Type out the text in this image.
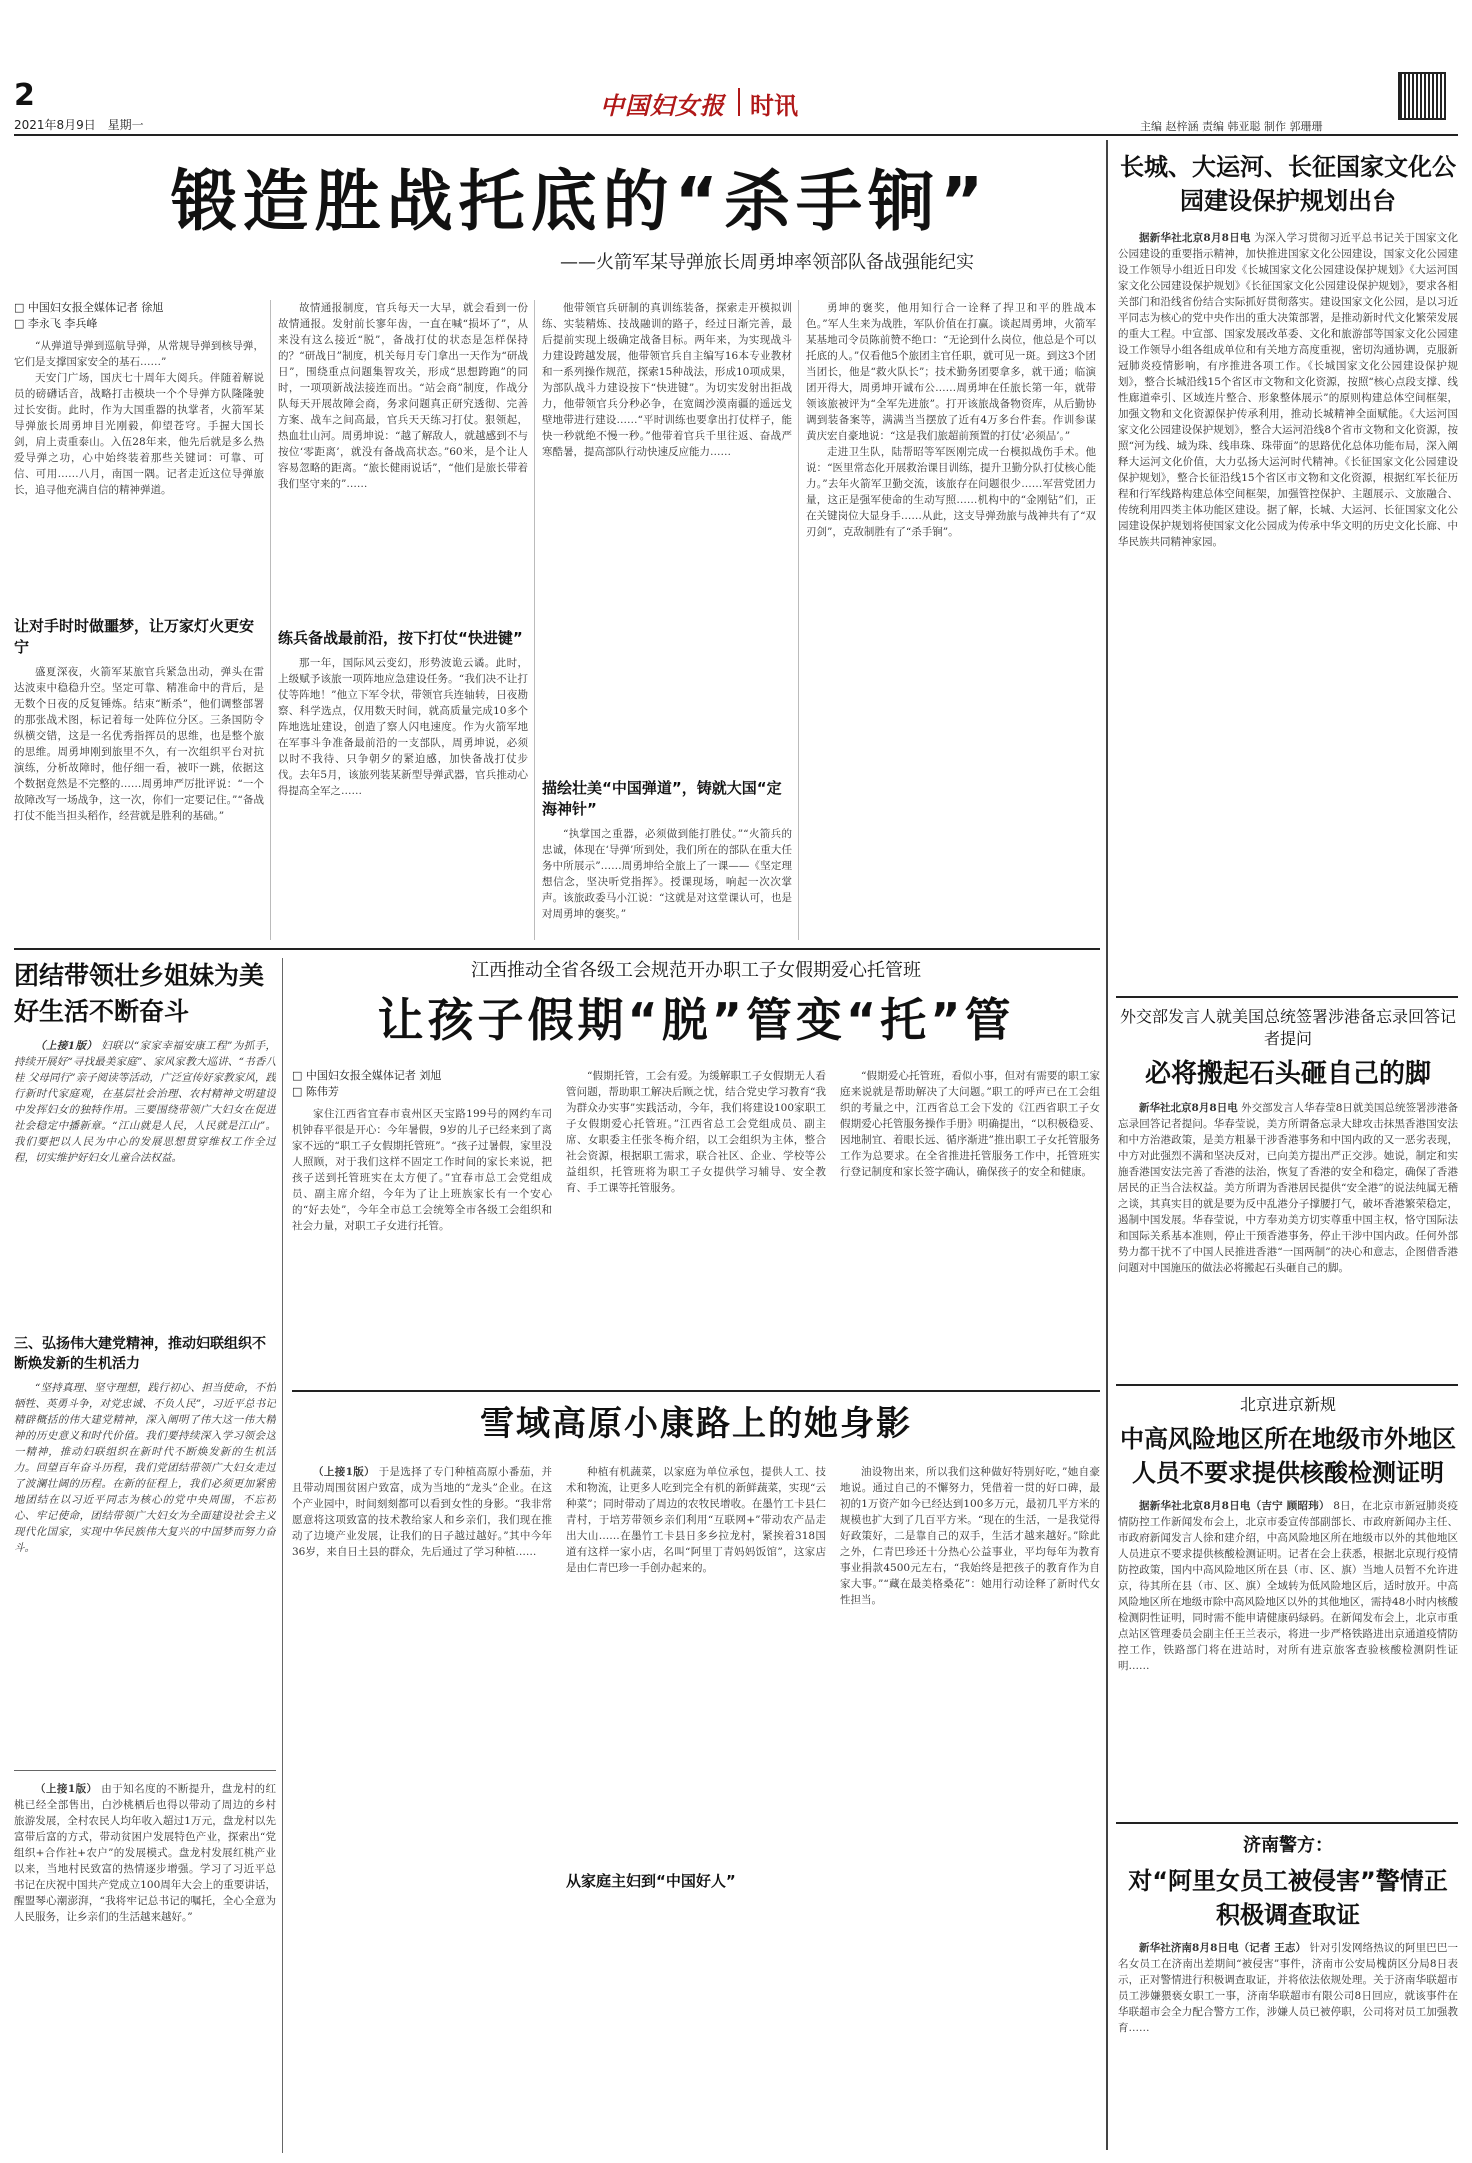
2
2021年8月9日 星期一
中国妇女报 时讯
主编 赵梓涵 责编 韩亚聪 制作 郭珊珊
锻造胜战托底的“杀手锏”
——火箭军某导弹旅长周勇坤率领部队备战强能纪实
□ 中国妇女报全媒体记者 徐旭
□ 李永飞 李兵峰

“从弹道导弹到巡航导弹，从常规导弹到核导弹，它们是支撑国家安全的基石……”

天安门广场，国庆七十周年大阅兵。伴随着解说员的磅礴话音，战略打击模块一个个导弹方队隆隆驶过长安街。此时，作为大国重器的执掌者，火箭军某导弹旅长周勇坤目光刚毅，仰望苍穹。手握大国长剑，肩上责重泰山。入伍28年来，他先后就是多么热爱导弹之功，心中始终装着那些关键词：可靠、可信、可用……八月，南国一隅。记者走近这位导弹旅长，追寻他充满自信的精神弹道。

让对手时时做噩梦，让万家灯火更安宁

盛夏深夜，火箭军某旅官兵紧急出动，弹头在雷达波束中稳稳升空。坚定可靠、精准命中的背后，是无数个日夜的反复锤炼。结束“断杀”，他们调整部署的那张战术图，标记着每一处阵位分区。三条国防令纵横交错，这是一名优秀指挥员的思维，也是整个旅的思维。周勇坤刚到旅里不久，有一次组织平台对抗演练，分析故障时，他仔细一看，被吓一跳，依据这个数据竟然是不完整的……周勇坤严厉批评说：“一个故障改写一场战争，这一次，你们一定要记住。”“备战打仗不能当担头稻作，经营就是胜利的基础。”

故情通报制度，官兵每天一大早，就会看到一份故情通报。发射前长寥年齿，一直在喊“损坏了”，从来没有这么接近“脱”，备战打仗的状态是怎样保持的？“研战日”制度，机关每月专门拿出一天作为“研战日”，围绕重点问题集智攻关，形成“思想跨跑”的同时，一项项新战法接连而出。“站会商”制度，作战分队每天开展故障会商，务求问题真正研究透彻、完善方案、战车之间高最，官兵天天练习打仗。狠领起，热血壮山河。周勇坤说：“越了解敌人，就越感到不与按位‘零距离’，就没有备战高状态。”60米，是个让人容易忽略的距离。“旅长健雨说话”，“他们是旅长带着我们坚守来的”……

练兵备战最前沿，按下打仗“快进键”

那一年，国际风云变幻，形势波诡云谲。此时，上级赋予该旅一项阵地应急建设任务。“我们决不让打仗等阵地！”他立下军令状，带领官兵连轴转，日夜勘察、科学选点，仅用数天时间，就高质量完成10多个阵地选址建设，创造了察人闪电速度。作为火箭军地在军事斗争准备最前沿的一支部队，周勇坤说，必须以时不我待、只争朝夕的紧迫感，加快备战打仗步伐。去年5月，该旅列装某新型导弹武器，官兵推动心得提高全军之……

他带领官兵研制的真训练装备，探索走开模拟训练、实装精炼、技战融训的路子，经过日渐完善，最后提前实现上级确定战备目标。两年来，为实现战斗力建设跨越发展，他带领官兵自主编写16本专业教材和一系列操作规范，探索15种战法，形成10项成果，为部队战斗力建设按下“快进键”。为切实发射出拒战力，他带领官兵分秒必争，在宽阔沙漠南疆的遥远戈壁地带进行建设……“平时训练也要拿出打仗样子，能快一秒就绝不慢一秒。”他带着官兵千里往返、奋战严寒酷暑，提高部队行动快速反应能力……

描绘壮美“中国弹道”，铸就大国“定海神针”

“执掌国之重器，必须做到能打胜仗。”“火箭兵的忠诚，体现在‘导弹’所到处，我们所在的部队在重大任务中所展示”……周勇坤给全旅上了一课——《坚定理想信念，坚决听党指挥》。授课现场，响起一次次掌声。该旅政委马小江说：“这就是对这堂课认可，也是对周勇坤的褒奖。”

勇坤的褒奖，他用知行合一诠释了捍卫和平的胜战本色。”军人生来为战胜，军队价值在打赢。谈起周勇坤，火箭军某基地司令员陈前赞不绝口：“无论到什么岗位，他总是个可以托底的人。”仅看他5个旅团主官任职，就可见一斑。到这3个团当团长，他是“救火队长”；技术勤务团要拿多，就干通；临演团开得大，周勇坤开诚布公……周勇坤在任旅长第一年，就带领该旅被评为“全军先进旅”。打开该旅战备物资库，从后勤协调到装备案等，满满当当摆放了近有4万多台件套。作训参谋黄庆宏自豪地说：“这是我们旅超前预置的打仗‘必须品’。”

走进卫生队，陆帮昭等军医刚完成一台模拟战伤手术。他说：“医里常态化开展救治课目训练，提升卫勤分队打仗核心能力。”去年火箭军卫勤交流，该旅存在问题很少……军营党团力量，这正是强军使命的生动写照……机构中的“金刚钻”们，正在关键岗位大显身手……从此，这支导弹劲旅与战神共有了“双刃剑”，克敌制胜有了“杀手锏”。

长城、大运河、长征国家文化公园建设保护规划出台

据新华社北京8月8日电 为深入学习贯彻习近平总书记关于国家文化公园建设的重要指示精神，加快推进国家文化公园建设，国家文化公园建设工作领导小组近日印发《长城国家文化公园建设保护规划》《大运河国家文化公园建设保护规划》《长征国家文化公园建设保护规划》，要求各相关部门和沿线省份结合实际抓好贯彻落实。建设国家文化公园，是以习近平同志为核心的党中央作出的重大决策部署，是推动新时代文化繁荣发展的重大工程。中宣部、国家发展改革委、文化和旅游部等国家文化公园建设工作领导小组各组成单位和有关地方高度重视，密切沟通协调，克服新冠肺炎疫情影响，有序推进各项工作。《长城国家文化公园建设保护规划》，整合长城沿线15个省区市文物和文化资源，按照“核心点段支撑、线性廊道牵引、区域连片整合、形象整体展示”的原则构建总体空间框架，加强文物和文化资源保护传承利用，推动长城精神全面赋能。《大运河国家文化公园建设保护规划》，整合大运河沿线8个省市文物和文化资源，按照“河为线、城为珠、线串珠、珠带面”的思路优化总体功能布局，深入阐释大运河文化价值，大力弘扬大运河时代精神。《长征国家文化公园建设保护规划》，整合长征沿线15个省区市文物和文化资源，根据红军长征历程和行军线路构建总体空间框架，加强管控保护、主题展示、文旅融合、传统利用四类主体功能区建设。据了解，长城、大运河、长征国家文化公园建设保护规划将使国家文化公园成为传承中华文明的历史文化长廊、中华民族共同精神家园。

外交部发言人就美国总统签署涉港备忘录回答记者提问
必将搬起石头砸自己的脚

新华社北京8月8日电 外交部发言人华春莹8日就美国总统签署涉港备忘录回答记者提问。华春莹说，美方所谓备忘录大肆攻击抹黑香港国安法和中方治港政策，是美方粗暴干涉香港事务和中国内政的又一恶劣表现，中方对此强烈不满和坚决反对，已向美方提出严正交涉。她说，制定和实施香港国安法完善了香港的法治，恢复了香港的安全和稳定，确保了香港居民的正当合法权益。美方所谓为香港居民提供“安全港”的说法纯属无稽之谈，其真实目的就是要为反中乱港分子撑腰打气，破坏香港繁荣稳定，遏制中国发展。华春莹说，中方奉劝美方切实尊重中国主权，恪守国际法和国际关系基本准则，停止干预香港事务，停止干涉中国内政。任何外部势力都干扰不了中国人民推进香港“一国两制”的决心和意志，企图借香港问题对中国施压的做法必将搬起石头砸自己的脚。

北京进京新规
中高风险地区所在地级市外地区人员不要求提供核酸检测证明

据新华社北京8月8日电（吉宁 顾昭玮） 8日，在北京市新冠肺炎疫情防控工作新闻发布会上，北京市委宣传部副部长、市政府新闻办主任、市政府新闻发言人徐和建介绍，中高风险地区所在地级市以外的其他地区人员进京不要求提供核酸检测证明。记者在会上获悉，根据北京现行疫情防控政策，国内中高风险地区所在县（市、区、旗）当地人员暂不允许进京，待其所在县（市、区、旗）全域转为低风险地区后，适时放开。中高风险地区所在地级市除中高风险地区以外的其他地区，需持48小时内核酸检测阴性证明，同时需不能申请健康码绿码。在新闻发布会上，北京市重点站区管理委员会副主任王兰表示，将进一步严格铁路进出京通道疫情防控工作，铁路部门将在进站时，对所有进京旅客查验核酸检测阴性证明……

济南警方：
对“阿里女员工被侵害”警情正积极调查取证

新华社济南8月8日电（记者 王志） 针对引发网络热议的阿里巴巴一名女员工在济南出差期间“被侵害”事件，济南市公安局槐荫区分局8日表示，正对警情进行积极调查取证，并将依法依规处理。关于济南华联超市员工涉嫌猥亵女职工一事，济南华联超市有限公司8日回应，就该事件在华联超市会全力配合警方工作，涉嫌人员已被停职，公司将对员工加强教育……

团结带领壮乡姐妹为美好生活不断奋斗

（上接1版） 妇联以“家家幸福安康工程”为抓手，持续开展好“寻找最美家庭”、家风家教大巡讲、“书香八桂 父母同行”亲子阅读等活动，广泛宣传好家教家风，践行新时代家庭观，在基层社会治理、农村精神文明建设中发挥妇女的独特作用。三要围绕带领广大妇女在促进社会稳定中播新章。“江山就是人民，人民就是江山”。我们要把以人民为中心的发展思想贯穿维权工作全过程，切实维护好妇女儿童合法权益。

三、弘扬伟大建党精神，推动妇联组织不断焕发新的生机活力

“坚持真理、坚守理想，践行初心、担当使命，不怕牺牲、英勇斗争，对党忠诚、不负人民”，习近平总书记精辟概括的伟大建党精神，深入阐明了伟大这一伟大精神的历史意义和时代价值。我们要持续深入学习领会这一精神，推动妇联组织在新时代不断焕发新的生机活力。回望百年奋斗历程，我们党团结带领广大妇女走过了波澜壮阔的历程。在新的征程上，我们必须更加紧密地团结在以习近平同志为核心的党中央周围，不忘初心、牢记使命，团结带领广大妇女为全面建设社会主义现代化国家，实现中华民族伟大复兴的中国梦而努力奋斗。

（上接1版） 由于知名度的不断提升，盘龙村的红桃已经全部售出，白沙桃栖后也得以带动了周边的乡村旅游发展，全村农民人均年收入超过1万元，盘龙村以先富带后富的方式，带动贫困户发展特色产业，探索出“党组织+合作社+农户”的发展模式。盘龙村发展红桃产业以来，当地村民致富的热情逐步增强。学习了习近平总书记在庆祝中国共产党成立100周年大会上的重要讲话，醒盟琴心潮澎湃，“我将牢记总书记的嘱托，全心全意为人民服务，让乡亲们的生活越来越好。”

江西推动全省各级工会规范开办职工子女假期爱心托管班
让孩子假期“脱”管变“托”管
□ 中国妇女报全媒体记者 刘旭
□ 陈伟芳

家住江西省宜春市袁州区天宝路199号的网约车司机钟春平很是开心：今年暑假，9岁的儿子已经来到了离家不远的“职工子女假期托管班”。“孩子过暑假，家里没人照顾，对于我们这样不固定工作时间的家长来说，把孩子送到托管班实在太方便了。”宜春市总工会党组成员、副主席介绍，今年为了让上班族家长有一个安心的“好去处”，今年全市总工会统筹全市各级工会组织和社会力量，对职工子女进行托管。

“假期托管，工会有爱。为缓解职工子女假期无人看管问题，帮助职工解决后顾之忧，结合党史学习教育“我为群众办实事”实践活动，今年，我们将建设100家职工子女假期爱心托管班。”江西省总工会党组成员、副主席、女职委主任张冬梅介绍，以工会组织为主体，整合社会资源，根据职工需求，联合社区、企业、学校等公益组织，托管班将为职工子女提供学习辅导、安全教育、手工课等托管服务。

“假期爱心托管班，看似小事，但对有需要的职工家庭来说就是帮助解决了大问题。”职工的呼声已在工会组织的考量之中，江西省总工会下发的《江西省职工子女假期爱心托管服务操作手册》明确提出，“以积极稳妥、因地制宜、着眼长远、循序渐进”推出职工子女托管服务工作为总要求。在全省推进托管服务工作中，托管班实行登记制度和家长签字确认，确保孩子的安全和健康。

雪域高原小康路上的她身影

（上接1版） 于是选择了专门种植高原小番茄，并且带动周围贫困户致富，成为当地的“龙头”企业。在这个产业园中，时间刻刻都可以看到女性的身影。“我非常愿意将这项致富的技术教给家人和乡亲们，我们现在推动了边境产业发展，让我们的日子越过越好。”其中今年36岁，来自日土县的群众，先后通过了学习种植……

种植有机蔬菜，以家庭为单位承包，提供人工、技术和物流，让更多人吃到完全有机的新鲜蔬菜，实现“云种菜”；同时带动了周边的农牧民增收。在墨竹工卡县仁青村，于培芳带领乡亲们利用“互联网+”带动农产品走出大山……在墨竹工卡县日多乡拉龙村，紧挨着318国道有这样一家小店，名叫“阿里丁青妈妈饭馆”，这家店是由仁青巴珍一手创办起来的。

从家庭主妇到“中国好人”

油设物出来，所以我们这种做好特别好吃，”她自豪地说。通过自己的不懈努力，凭借着一贯的好口碑，最初的1万资产如今已经达到100多万元，最初几平方米的规模也扩大到了几百平方米。“现在的生活，一是我觉得好政策好，二是靠自己的双手，生活才越来越好。”除此之外，仁青巴珍还十分热心公益事业，平均每年为教育事业捐款4500元左右，“我始终是把孩子的教育作为自家大事。”“藏在最美格桑花”：她用行动诠释了新时代女性担当。
